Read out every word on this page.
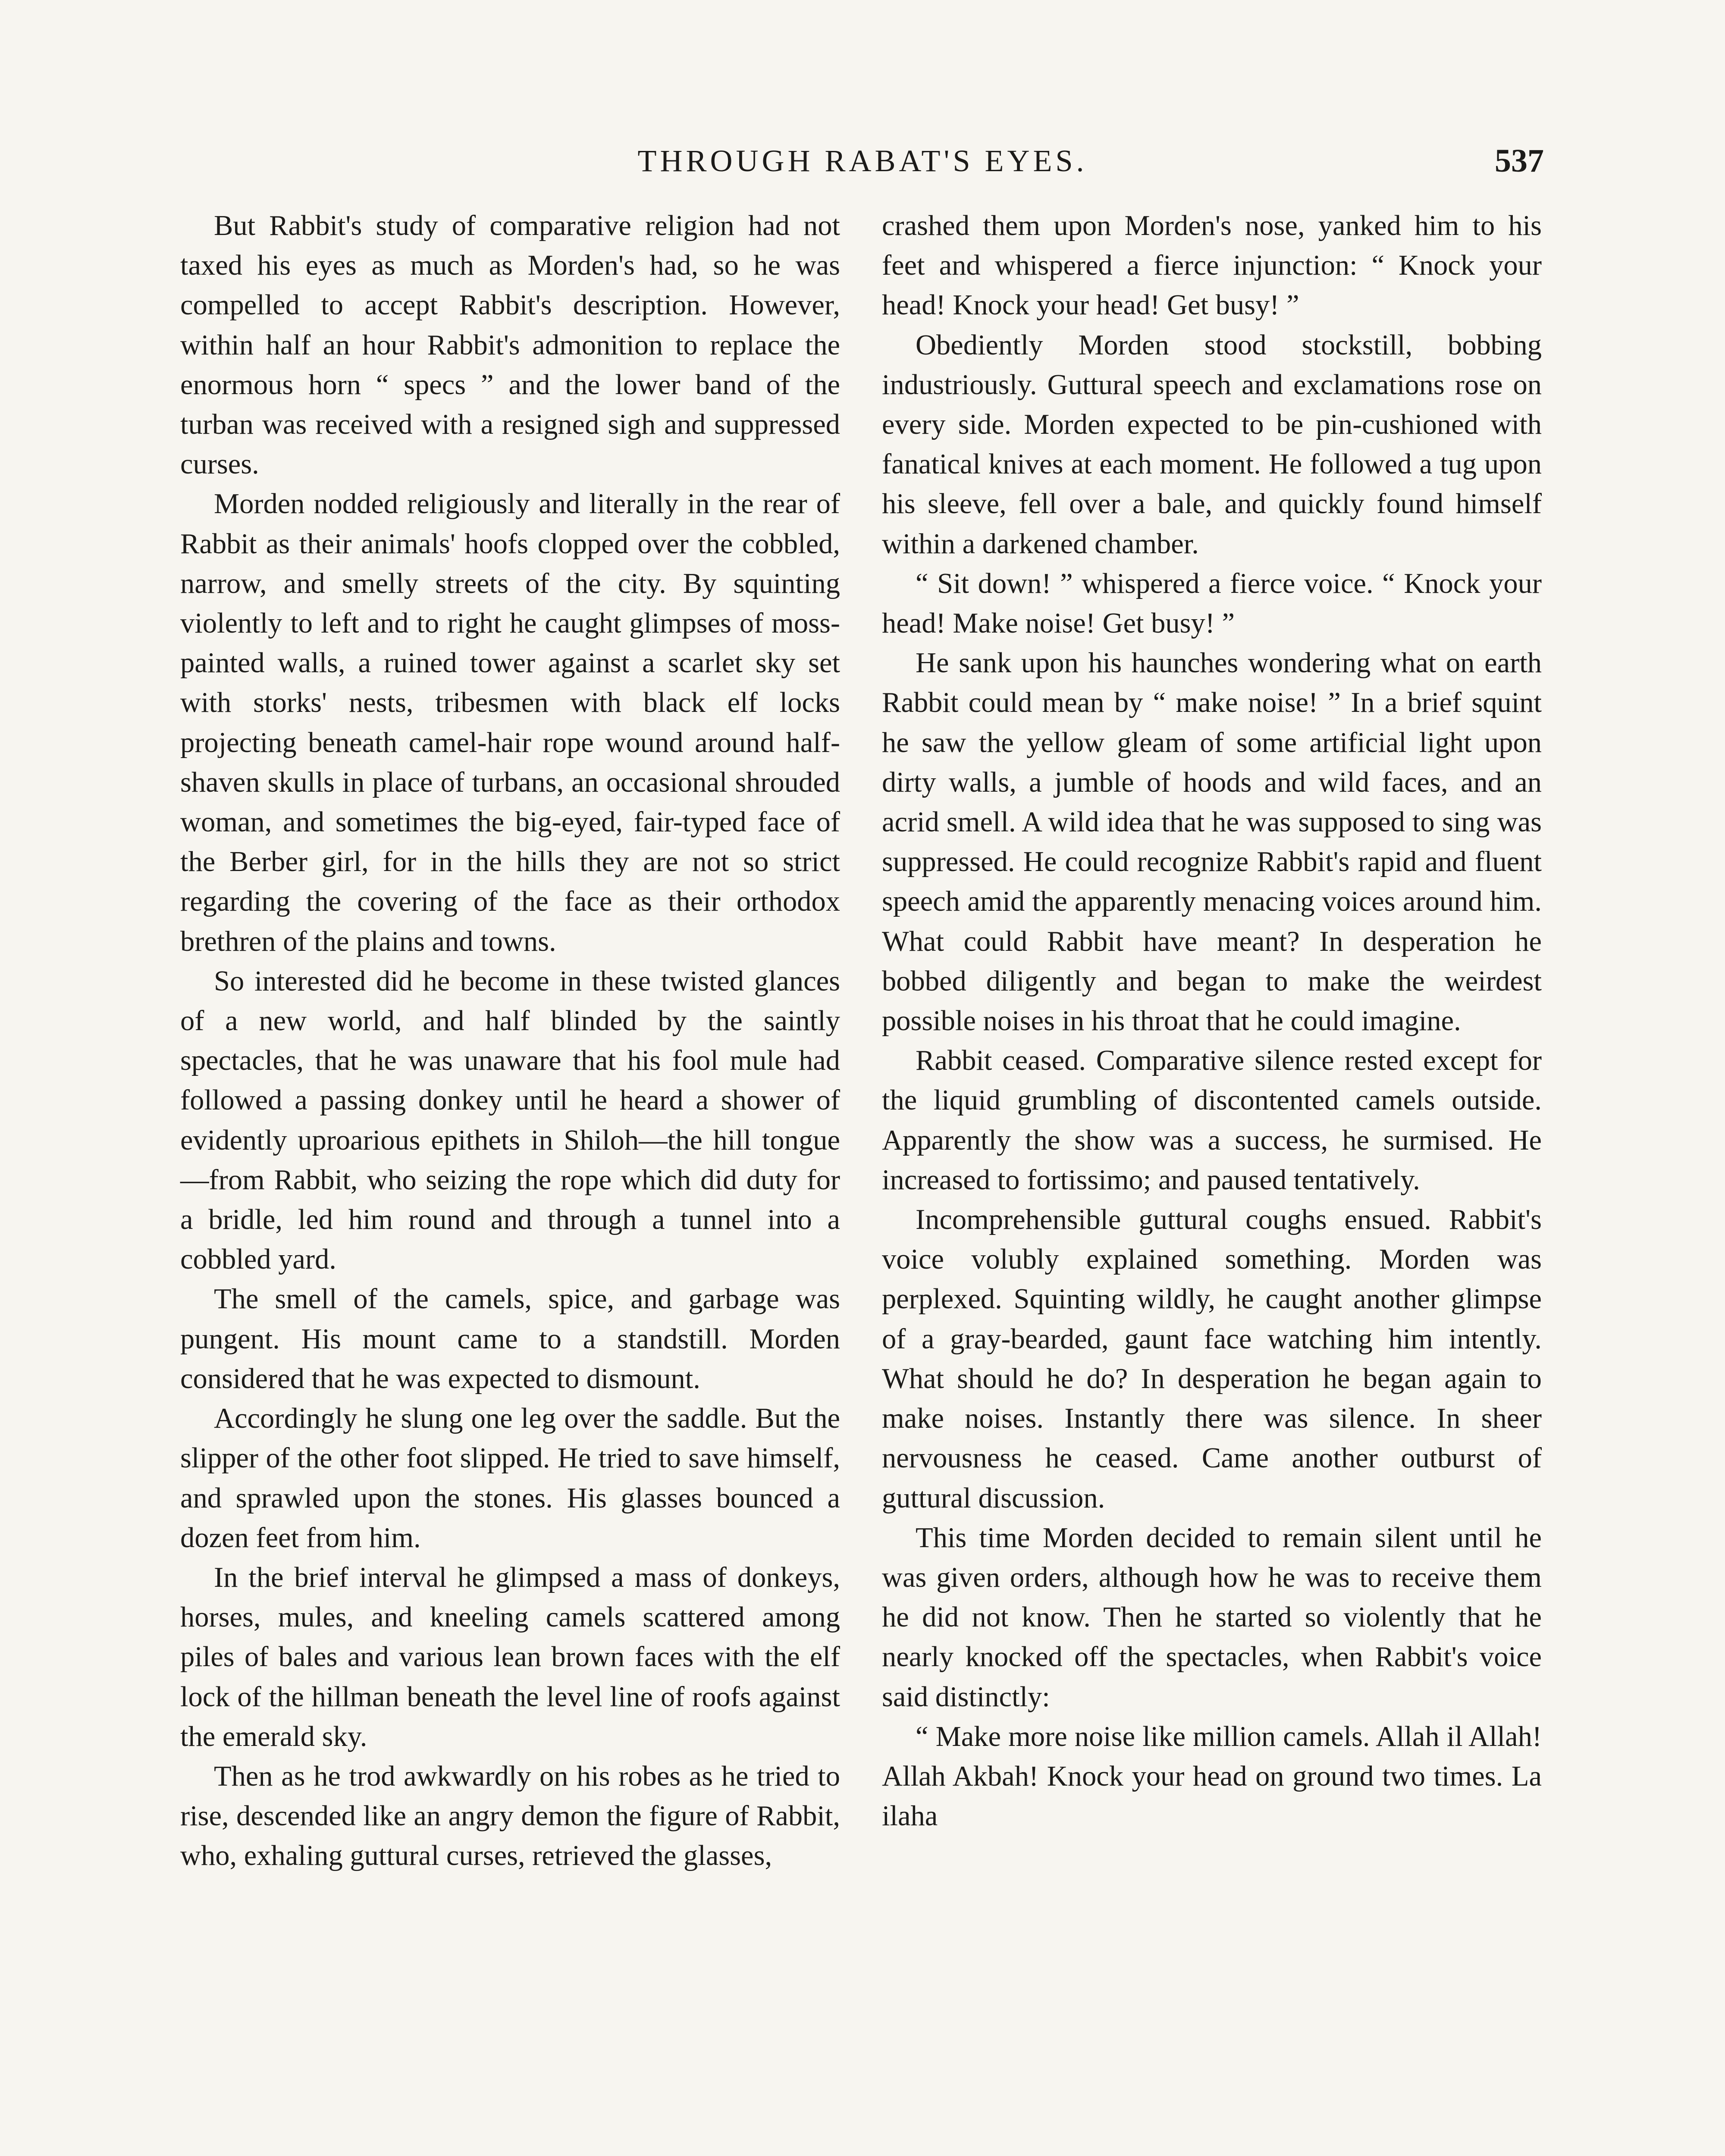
THROUGH RABAT'S EYES.	537

But Rabbit's study of comparative religion had not taxed his eyes as much as Morden's had, so he was compelled to accept Rabbit's description. However, within half an hour Rabbit's admonition to replace the enormous horn “ specs ” and the lower band of the turban was received with a resigned sigh and suppressed curses.

Morden nodded religiously and literally in the rear of Rabbit as their animals' hoofs clopped over the cobbled, narrow, and smelly streets of the city. By squinting violently to left and to right he caught glimpses of moss-painted walls, a ruined tower against a scarlet sky set with storks' nests, tribesmen with black elf locks projecting beneath camel-hair rope wound around half-shaven skulls in place of turbans, an occasional shrouded woman, and sometimes the big-eyed, fair-typed face of the Berber girl, for in the hills they are not so strict regarding the covering of the face as their orthodox brethren of the plains and towns.

So interested did he become in these twisted glances of a new world, and half blinded by the saintly spectacles, that he was unaware that his fool mule had followed a passing donkey until he heard a shower of evidently uproarious epithets in Shiloh—the hill tongue—from Rabbit, who seizing the rope which did duty for a bridle, led him round and through a tunnel into a cobbled yard.

The smell of the camels, spice, and garbage was pungent. His mount came to a standstill. Morden considered that he was expected to dismount.

Accordingly he slung one leg over the saddle. But the slipper of the other foot slipped. He tried to save himself, and sprawled upon the stones. His glasses bounced a dozen feet from him.

In the brief interval he glimpsed a mass of donkeys, horses, mules, and kneeling camels scattered among piles of bales and various lean brown faces with the elf lock of the hillman beneath the level line of roofs against the emerald sky.

Then as he trod awkwardly on his robes as he tried to rise, descended like an angry demon the figure of Rabbit, who, exhaling guttural curses, retrieved the glasses,

crashed them upon Morden's nose, yanked him to his feet and whispered a fierce injunction: “ Knock your head! Knock your head! Get busy! ”

Obediently Morden stood stockstill, bobbing industriously. Guttural speech and exclamations rose on every side. Morden expected to be pin-cushioned with fanatical knives at each moment. He followed a tug upon his sleeve, fell over a bale, and quickly found himself within a darkened chamber.

“ Sit down! ” whispered a fierce voice. “ Knock your head! Make noise! Get busy! ”

He sank upon his haunches wondering what on earth Rabbit could mean by “ make noise! ” In a brief squint he saw the yellow gleam of some artificial light upon dirty walls, a jumble of hoods and wild faces, and an acrid smell. A wild idea that he was supposed to sing was suppressed. He could recognize Rabbit's rapid and fluent speech amid the apparently menacing voices around him. What could Rabbit have meant? In desperation he bobbed diligently and began to make the weirdest possible noises in his throat that he could imagine.

Rabbit ceased. Comparative silence rested except for the liquid grumbling of discontented camels outside. Apparently the show was a success, he surmised. He increased to fortissimo; and paused tentatively.

Incomprehensible guttural coughs ensued. Rabbit's voice volubly explained something. Morden was perplexed. Squinting wildly, he caught another glimpse of a gray-bearded, gaunt face watching him intently. What should he do? In desperation he began again to make noises. Instantly there was silence. In sheer nervousness he ceased. Came another outburst of guttural discussion.

This time Morden decided to remain silent until he was given orders, although how he was to receive them he did not know. Then he started so violently that he nearly knocked off the spectacles, when Rabbit's voice said distinctly:

“ Make more noise like million camels. Allah il Allah! Allah Akbah! Knock your head on ground two times. La ilaha
